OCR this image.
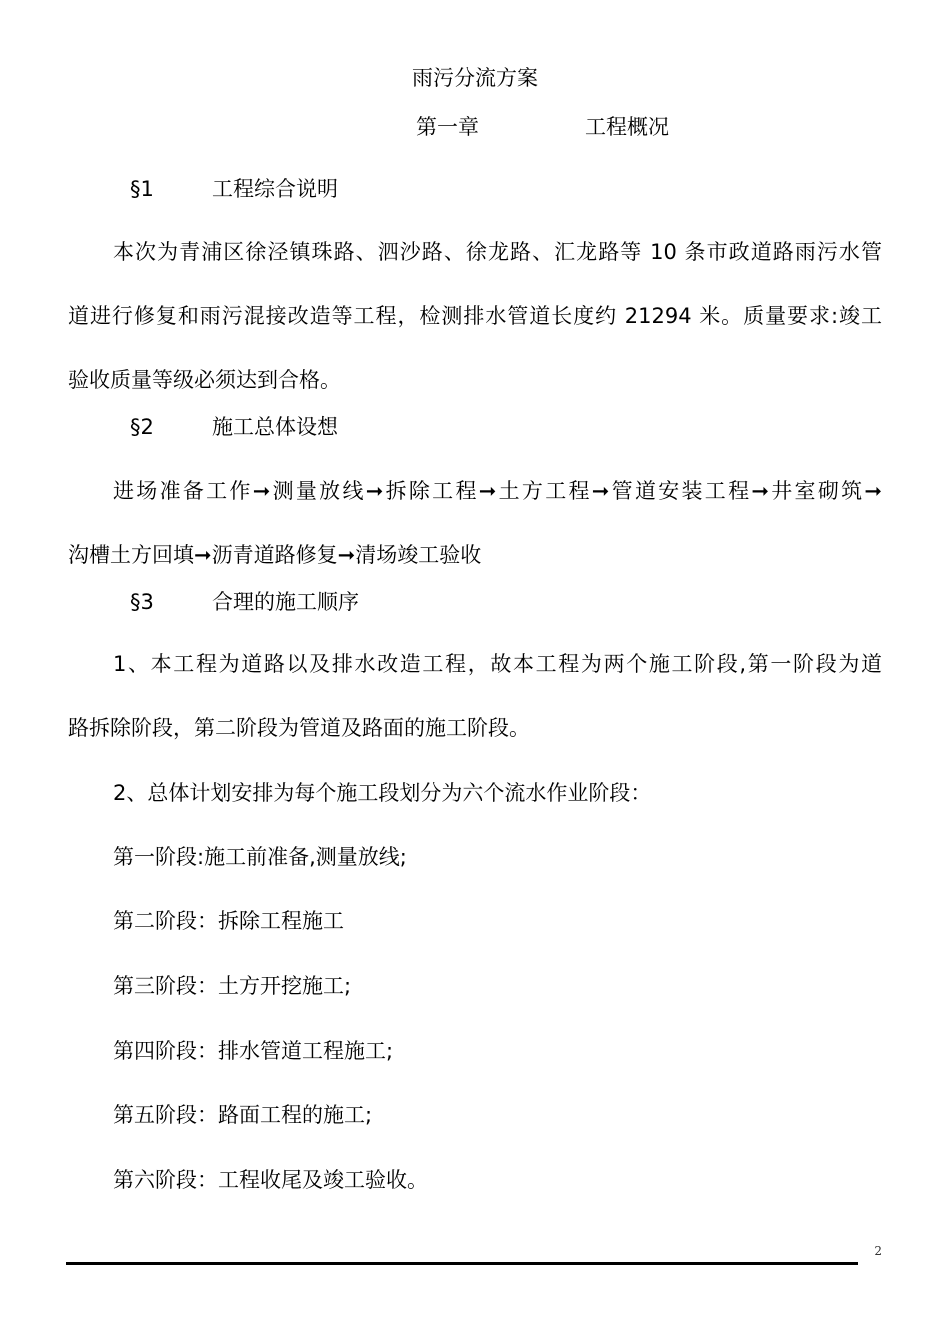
雨污分流方案
第一章	工程概况
§1	工程综合说明
本次为青浦区徐泾镇珠路、泗沙路、徐龙路、汇龙路等 10 条市政道路雨污水管
道进行修复和雨污混接改造等工程，检测排水管道长度约 21294 米。质量要求:竣工
验收质量等级必须达到合格。
§2	施工总体设想
进场准备工作➞测量放线➞拆除工程➞土方工程➞管道安装工程➞井室砌筑➞
沟槽土方回填➞沥青道路修复➞清场竣工验收
§3	合理的施工顺序
1、本工程为道路以及排水改造工程，故本工程为两个施工阶段,第一阶段为道
路拆除阶段，第二阶段为管道及路面的施工阶段。
2、总体计划安排为每个施工段划分为六个流水作业阶段：
第一阶段:施工前准备,测量放线;
第二阶段：拆除工程施工
第三阶段：土方开挖施工;
第四阶段：排水管道工程施工;
第五阶段：路面工程的施工;
第六阶段：工程收尾及竣工验收。
2
